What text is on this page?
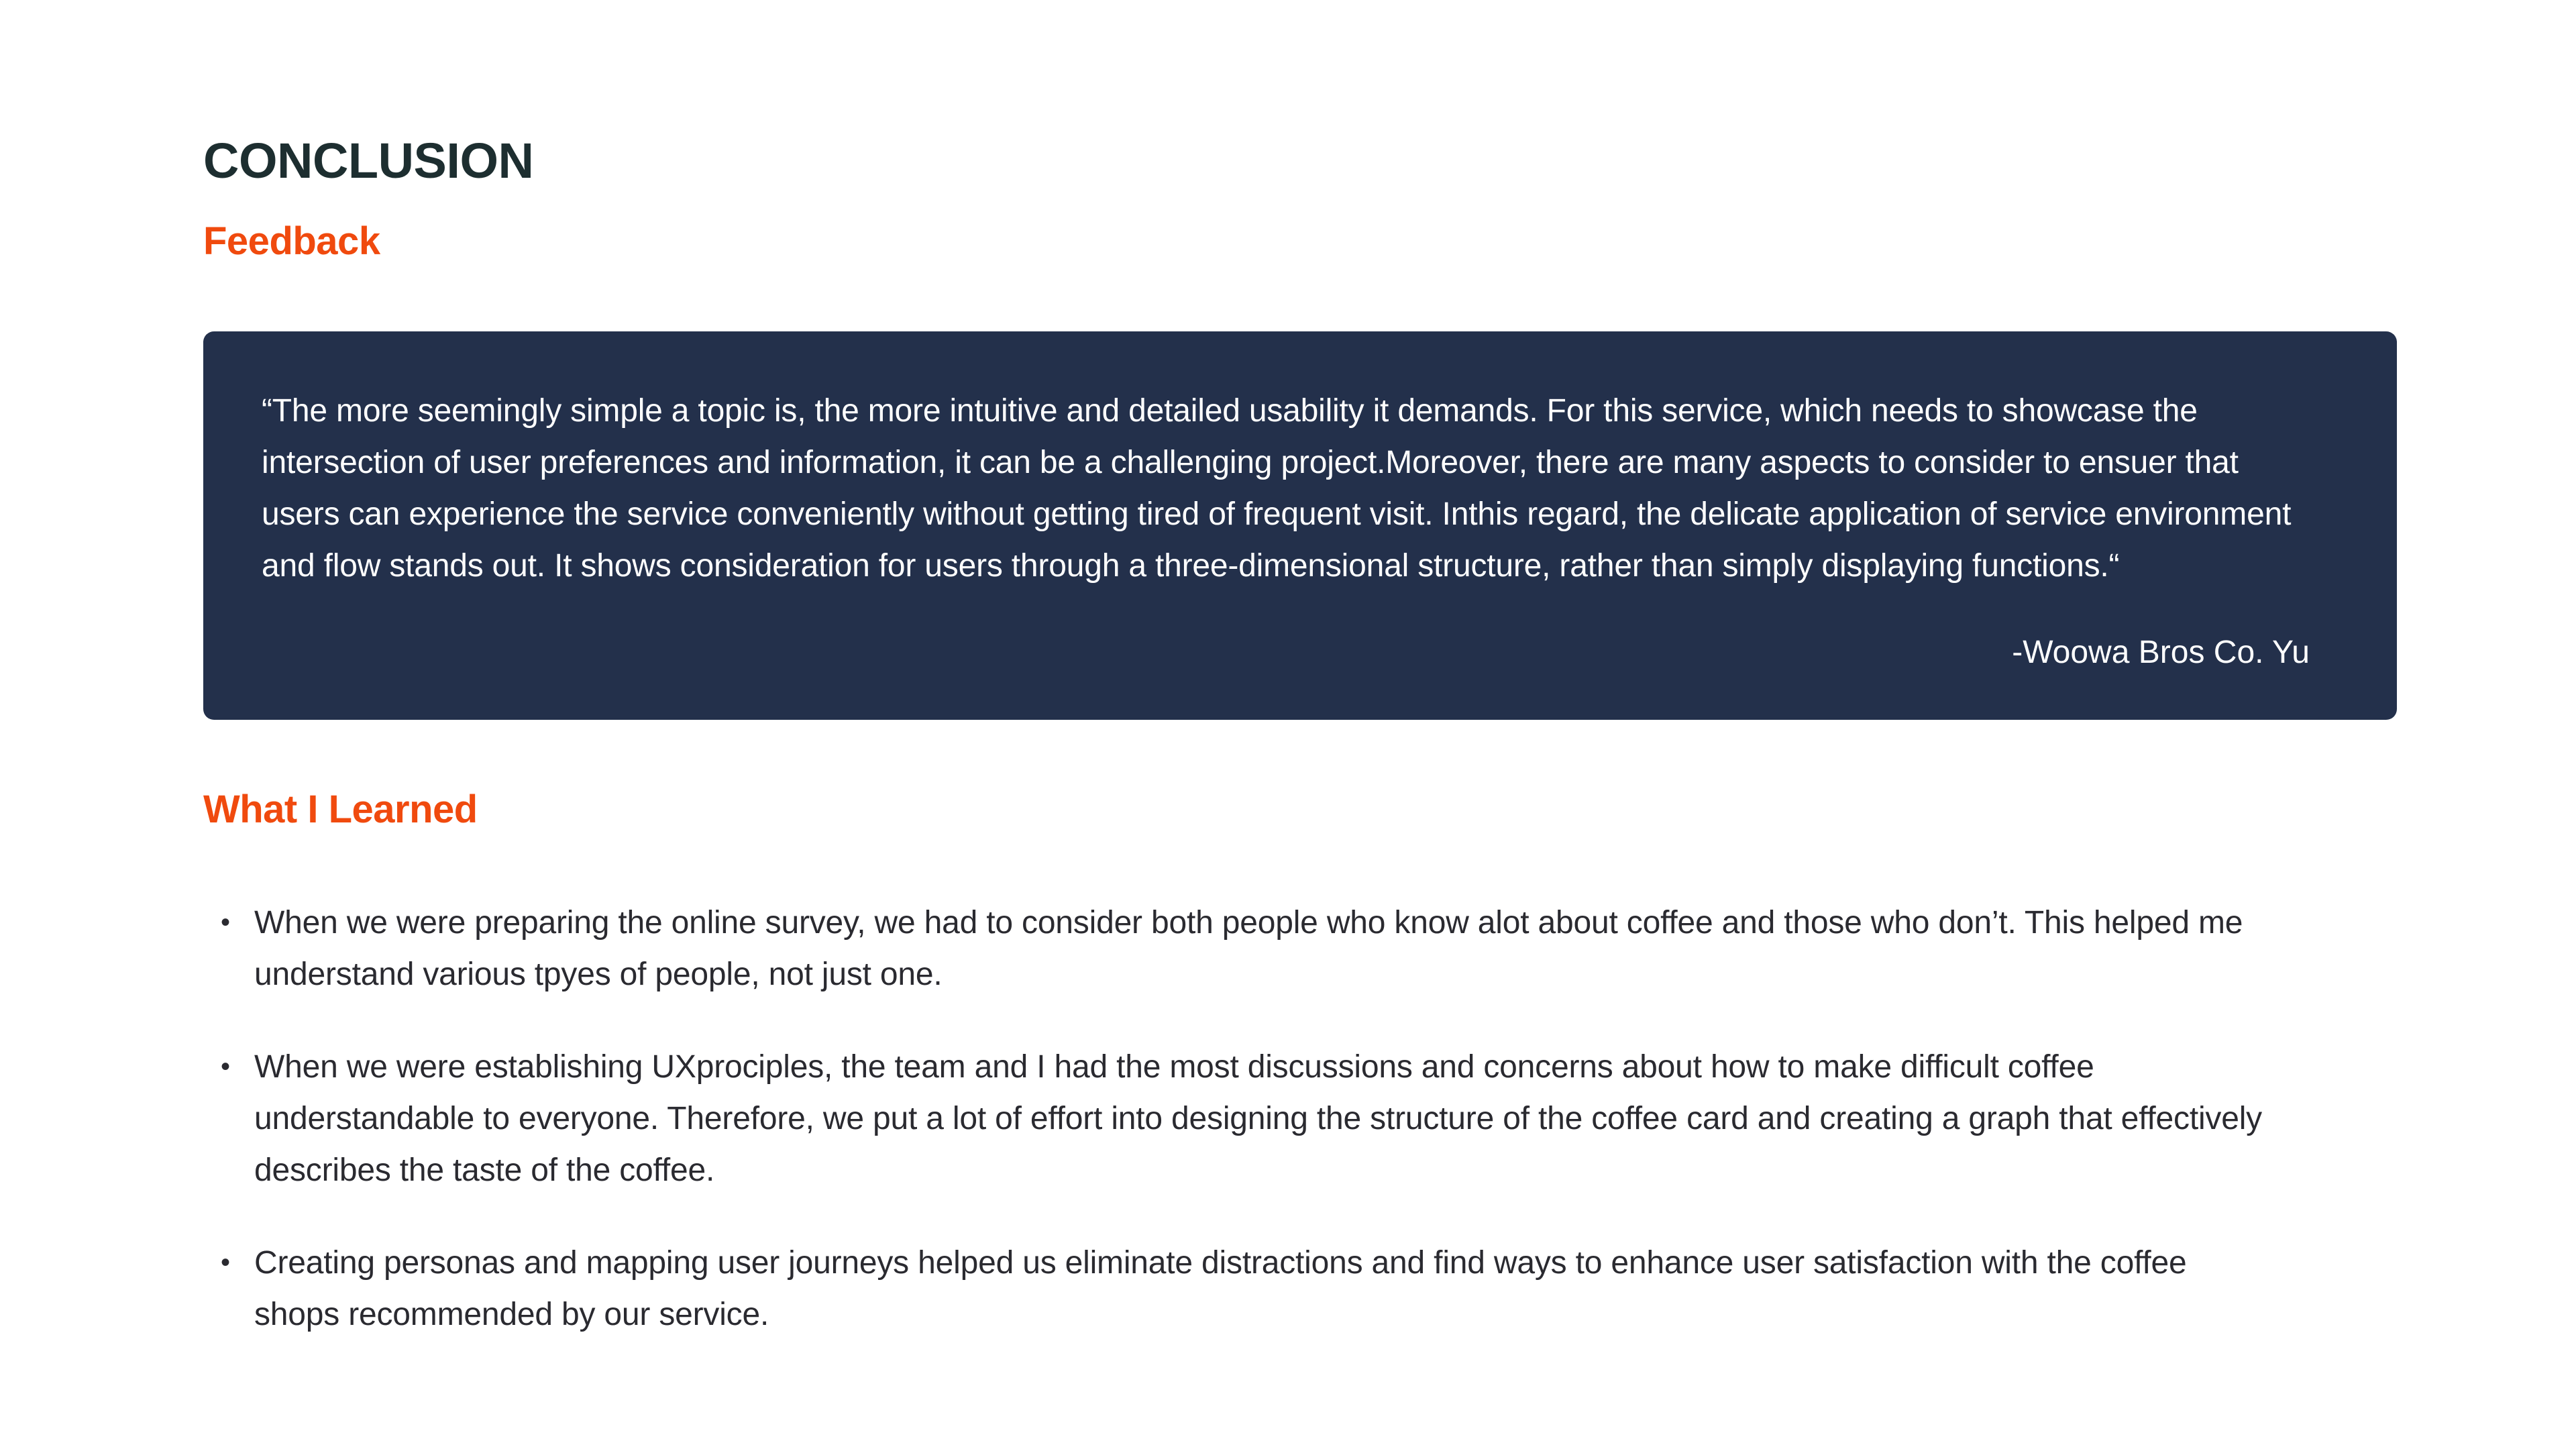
CONCLUSION
Feedback

“The more seemingly simple a topic is, the more intuitive and detailed usability it demands. For this service, which needs to showcase the intersection of user preferences and information, it can be a challenging project.Moreover, there are many aspects to consider to ensuer that users can experience the service conveniently without getting tired of frequent visit. Inthis regard, the delicate application of service environment and flow stands out. It shows consideration for users through a three-dimensional structure, rather than simply displaying functions.“

-Woowa Bros Co. Yu
What I Learned
• When we were preparing the online survey, we had to consider both people who know alot about coffee and those who don’t. This helped me understand various tpyes of people, not just one.
• When we were establishing UXprociples, the team and I had the most discussions and concerns about how to make difficult coffee understandable to everyone. Therefore, we put a lot of effort into designing the structure of the coffee card and creating a graph that effectively describes the taste of the coffee.
• Creating personas and mapping user journeys helped us eliminate distractions and find ways to enhance user satisfaction with the coffee shops recommended by our service.
